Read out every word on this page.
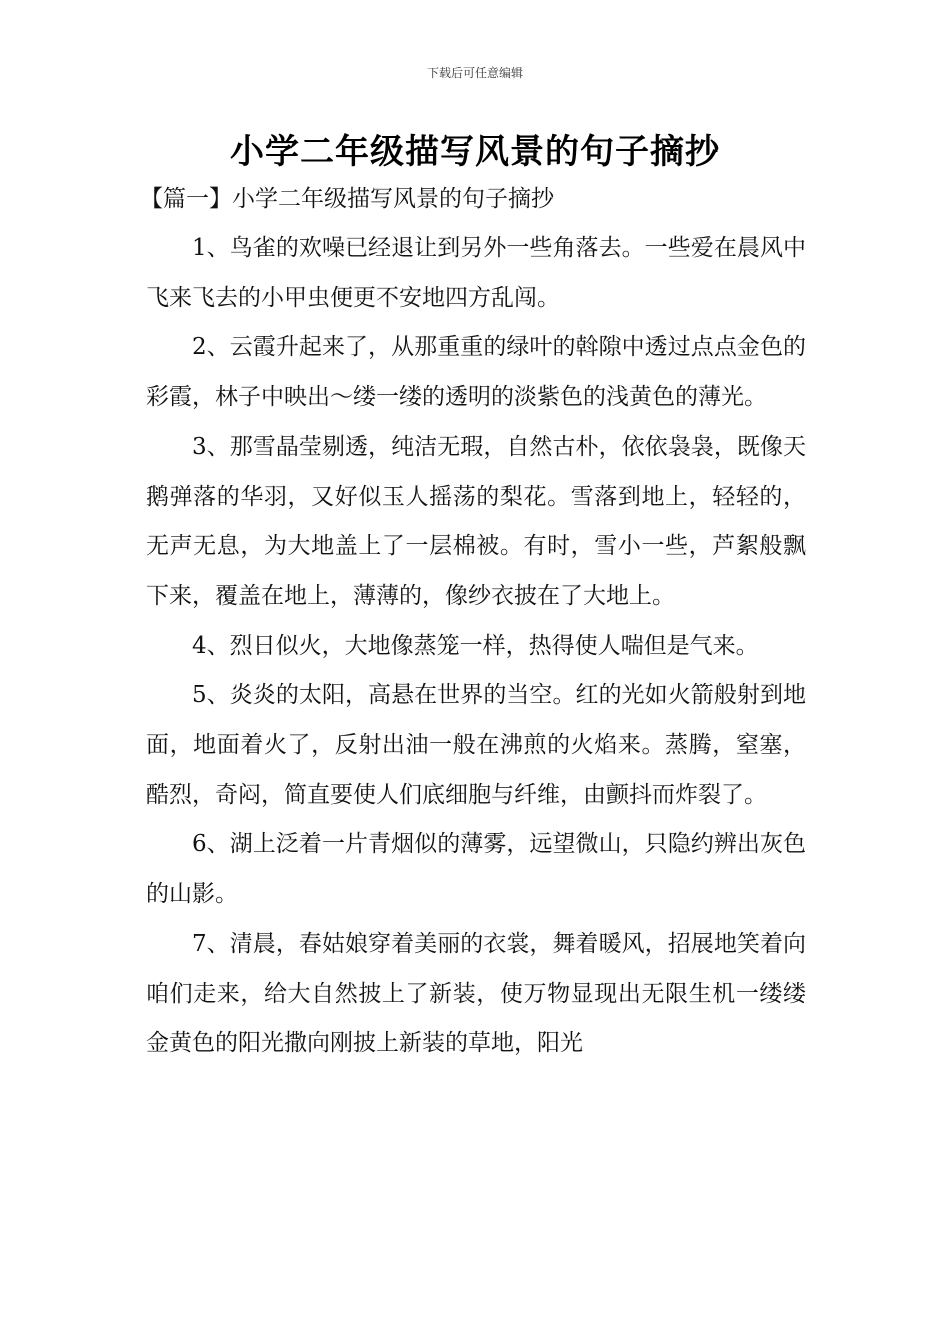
下载后可任意编辑
小学二年级描写风景的句子摘抄
【篇一】小学二年级描写风景的句子摘抄

1、鸟雀的欢噪已经退让到另外一些角落去。一些爱在晨风中飞来飞去的小甲虫便更不安地四方乱闯。

2、云霞升起来了，从那重重的绿叶的斡隙中透过点点金色的彩霞，林子中映出～缕一缕的透明的淡紫色的浅黄色的薄光。

3、那雪晶莹剔透，纯洁无瑕，自然古朴，依依袅袅，既像天鹅弹落的华羽，又好似玉人摇荡的梨花。雪落到地上，轻轻的，无声无息，为大地盖上了一层棉被。有时，雪小一些，芦絮般飘下来，覆盖在地上，薄薄的，像纱衣披在了大地上。

4、烈日似火，大地像蒸笼一样，热得使人喘但是气来。

5、炎炎的太阳，高悬在世界的当空。红的光如火箭般射到地面，地面着火了，反射出油一般在沸煎的火焰来。蒸腾，窒塞，酷烈，奇闷，简直要使人们底细胞与纤维，由颤抖而炸裂了。

6、湖上泛着一片青烟似的薄雾，远望微山，只隐约辨出灰色的山影。

7、清晨，春姑娘穿着美丽的衣裳，舞着暖风，招展地笑着向咱们走来，给大自然披上了新装，使万物显现出无限生机一缕缕金黄色的阳光撒向刚披上新装的草地，阳光
